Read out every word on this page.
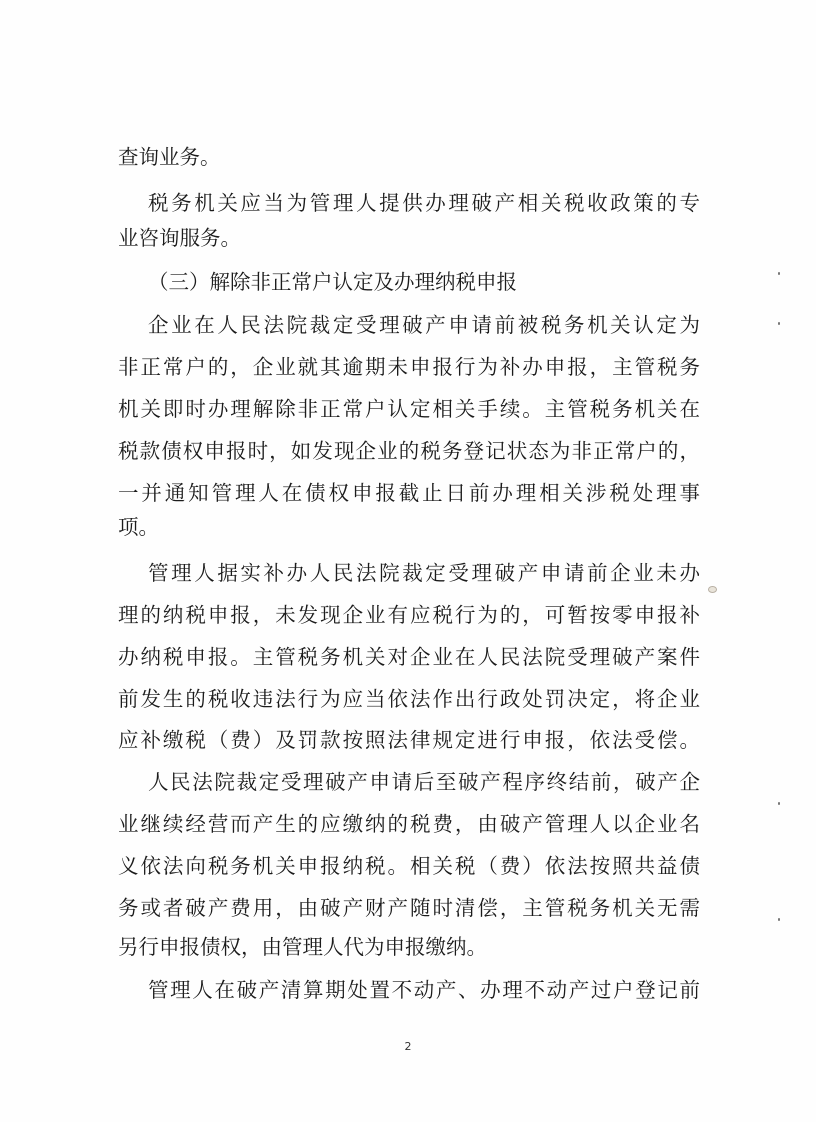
查询业务。
税务机关应当为管理人提供办理破产相关税收政策的专
业咨询服务。
（三）解除非正常户认定及办理纳税申报
企业在人民法院裁定受理破产申请前被税务机关认定为
非正常户的，企业就其逾期未申报行为补办申报，主管税务
机关即时办理解除非正常户认定相关手续。主管税务机关在
税款债权申报时，如发现企业的税务登记状态为非正常户的，
一并通知管理人在债权申报截止日前办理相关涉税处理事
项。
管理人据实补办人民法院裁定受理破产申请前企业未办
理的纳税申报，未发现企业有应税行为的，可暂按零申报补
办纳税申报。主管税务机关对企业在人民法院受理破产案件
前发生的税收违法行为应当依法作出行政处罚决定，将企业
应补缴税（费）及罚款按照法律规定进行申报，依法受偿。
人民法院裁定受理破产申请后至破产程序终结前，破产企
业继续经营而产生的应缴纳的税费，由破产管理人以企业名
义依法向税务机关申报纳税。相关税（费）依法按照共益债
务或者破产费用，由破产财产随时清偿，主管税务机关无需
另行申报债权，由管理人代为申报缴纳。
管理人在破产清算期处置不动产、办理不动产过户登记前
2
